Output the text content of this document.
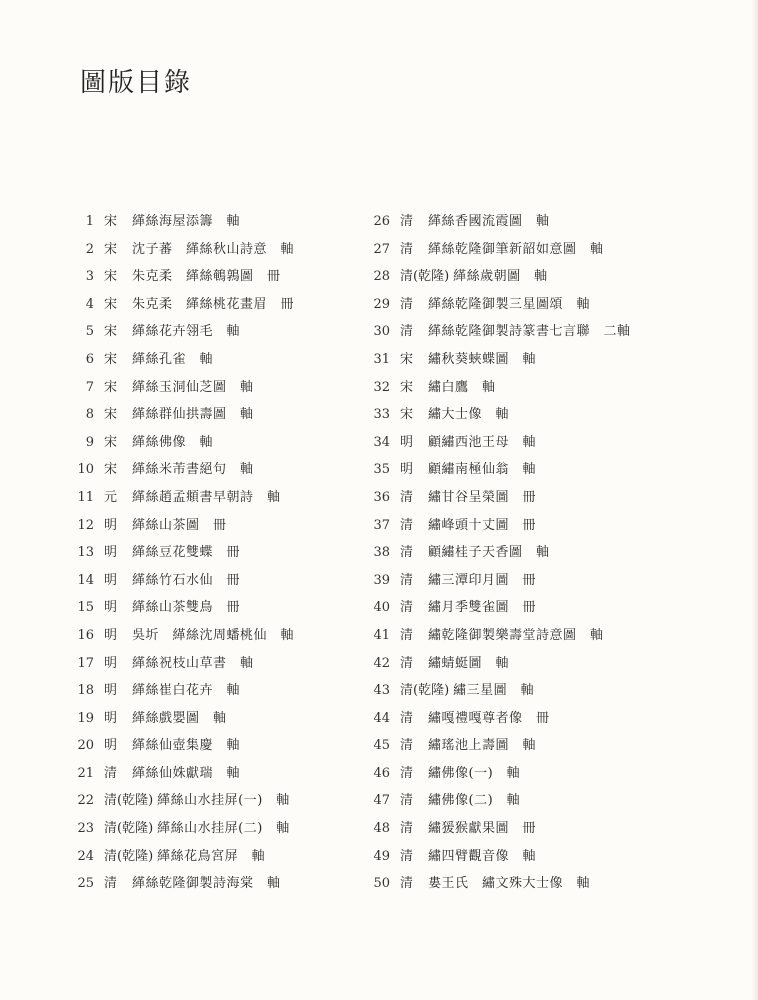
圖版目錄
1 宋	緙絲海屋添籌　軸
2 宋	沈子蕃　緙絲秋山詩意　軸
3 宋	朱克柔　緙絲鵪鶉圖　冊
4 宋	朱克柔　緙絲桃花畫眉　冊
5 宋	緙絲花卉翎毛　軸
6 宋	緙絲孔雀　軸
7 宋	緙絲玉洞仙芝圖　軸
8 宋	緙絲群仙拱壽圖　軸
9 宋	緙絲佛像　軸
10 宋	緙絲米芾書絕句　軸
11 元	緙絲趙孟頫書早朝詩　軸
12 明	緙絲山茶圖　冊
13 明	緙絲豆花雙蝶　冊
14 明	緙絲竹石水仙　冊
15 明	緙絲山茶雙鳥　冊
16 明	吳圻　緙絲沈周蟠桃仙　軸
17 明	緙絲祝枝山草書　軸
18 明	緙絲崔白花卉　軸
19 明	緙絲戲嬰圖　軸
20 明	緙絲仙壺集慶　軸
21 清	緙絲仙姝獻瑞　軸
22 清(乾隆) 緙絲山水挂屏(一)　軸
23 清(乾隆) 緙絲山水挂屏(二)　軸
24 清(乾隆) 緙絲花鳥宮屏　軸
25 清	緙絲乾隆御製詩海棠　軸
26 清	緙絲香國流霞圖　軸
27 清	緙絲乾隆御筆新韶如意圖　軸
28 清(乾隆) 緙絲歲朝圖　軸
29 清	緙絲乾隆御製三星圖頌　軸
30 清	緙絲乾隆御製詩篆書七言聯　二軸
31 宋	繡秋葵蛺蝶圖　軸
32 宋	繡白鷹　軸
33 宋	繡大士像　軸
34 明	顧繡西池王母　軸
35 明	顧繡南極仙翁　軸
36 清	繡甘谷呈榮圖　冊
37 清	繡峰頭十丈圖　冊
38 清	顧繡桂子天香圖　軸
39 清	繡三潭印月圖　冊
40 清	繡月季雙雀圖　冊
41 清	繡乾隆御製樂壽堂詩意圖　軸
42 清	繡蜻蜓圖　軸
43 清(乾隆) 繡三星圖　軸
44 清	繡嘎禮嘎尊者像　冊
45 清	繡瑤池上壽圖　軸
46 清	繡佛像(一)　軸
47 清	繡佛像(二)　軸
48 清	繡猨猴獻果圖　冊
49 清	繡四臂觀音像　軸
50 清	婁王氏　繡文殊大士像　軸
